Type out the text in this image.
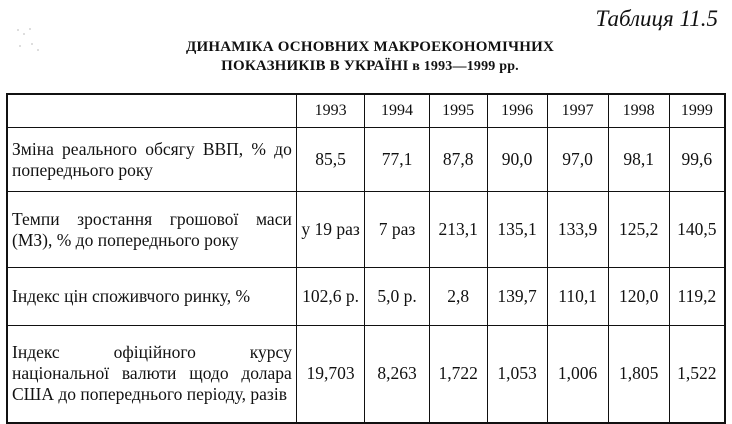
Таблиця 11.5
ДИНАМІКА ОСНОВНИХ МАКРОЕКОНОМІЧНИХ
ПОКАЗНИКІВ В УКРАЇНІ в 1993—1999 рр.
	1993	1994	1995	1996	1997	1998	1999
Зміна реального обсягу ВВП, % до попереднього року	85,5	77,1	87,8	90,0	97,0	98,1	99,6
Темпи зростання грошової маси (МЗ), % до попереднього року	у 19 раз	7 раз	213,1	135,1	133,9	125,2	140,5
Індекс цін споживчого ринку, %	102,6 р.	5,0 р.	2,8	139,7	110,1	120,0	119,2
Індекс офіційного курсу національної валюти щодо долара США до попереднього періоду, разів	19,703	8,263	1,722	1,053	1,006	1,805	1,522
